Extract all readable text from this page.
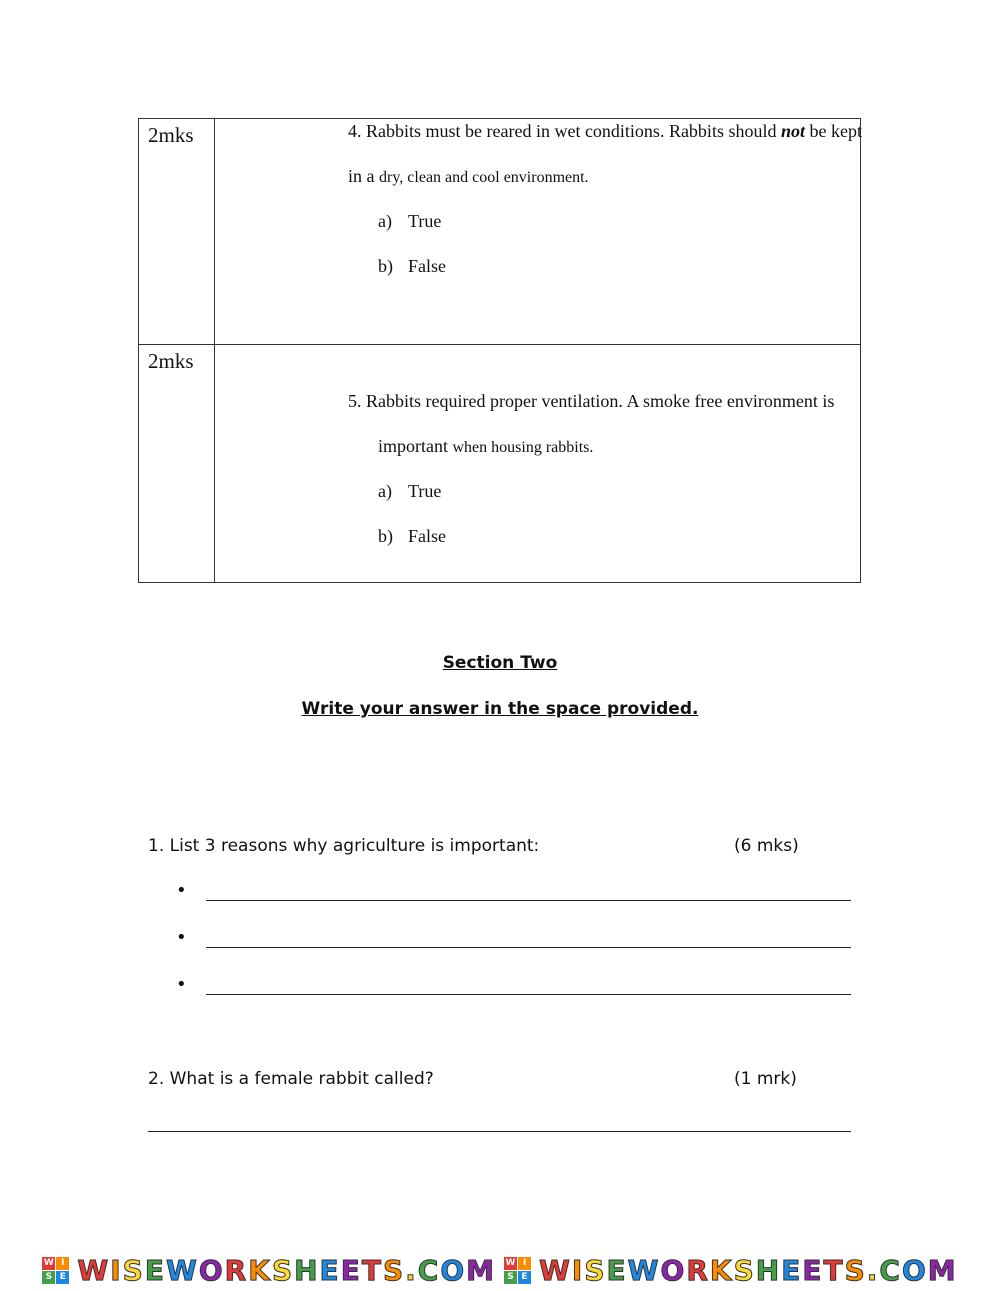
2mks	4. Rabbits must be reared in wet conditions. Rabbits should not be kept
in a dry, clean and cool environment.
a) True
b) False

2mks	5. Rabbits required proper ventilation. A smoke free environment is
important when housing rabbits.
a) True
b) False
Section Two
Write your answer in the space provided.
1. List 3 reasons why agriculture is important:	(6 mks)
•
•
•
2. What is a female rabbit called?	(1 mrk)
W I
S E WISEWORKSHEETS.COM W I
S E WISEWORKSHEETS.COM
